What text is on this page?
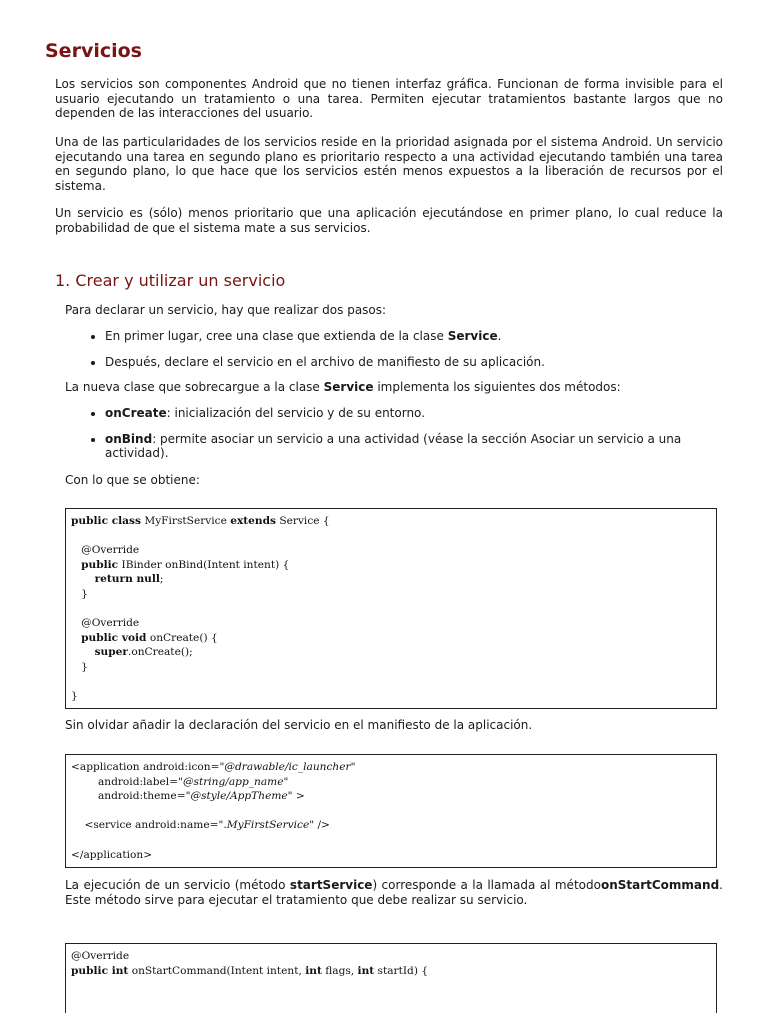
Servicios

Los servicios son componentes Android que no tienen interfaz gráfica. Funcionan de forma invisible para el usuario ejecutando un tratamiento o una tarea. Permiten ejecutar tratamientos bastante largos que no dependen de las interacciones del usuario.

Una de las particularidades de los servicios reside en la prioridad asignada por el sistema Android. Un servicio ejecutando una tarea en segundo plano es prioritario respecto a una actividad ejecutando también una tarea en segundo plano, lo que hace que los servicios estén menos expuestos a la liberación de recursos por el sistema.

Un servicio es (sólo) menos prioritario que una aplicación ejecutándose en primer plano, lo cual reduce la probabilidad de que el sistema mate a sus servicios.

1. Crear y utilizar un servicio

Para declarar un servicio, hay que realizar dos pasos:

• En primer lugar, cree una clase que extienda de la clase Service.
• Después, declare el servicio en el archivo de manifiesto de su aplicación.

La nueva clase que sobrecargue a la clase Service implementa los siguientes dos métodos:

• onCreate: inicialización del servicio y de su entorno.
• onBind: permite asociar un servicio a una actividad (véase la sección Asociar un servicio a una actividad).

Con lo que se obtiene:

public class MyFirstService extends Service {

@Override
public IBinder onBind(Intent intent) {
return null;
}

@Override
public void onCreate() {
super.onCreate();
}

}

Sin olvidar añadir la declaración del servicio en el manifiesto de la aplicación.

<application android:icon="@drawable/ic_launcher"
android:label="@string/app_name"
android:theme="@style/AppTheme" >

<service android:name=".MyFirstService" />

</application>

La ejecución de un servicio (método startService) corresponde a la llamada al métodoonStartCommand. Este método sirve para ejecutar el tratamiento que debe realizar su servicio.

@Override
public int onStartCommand(Intent intent, int flags, int startId) {
